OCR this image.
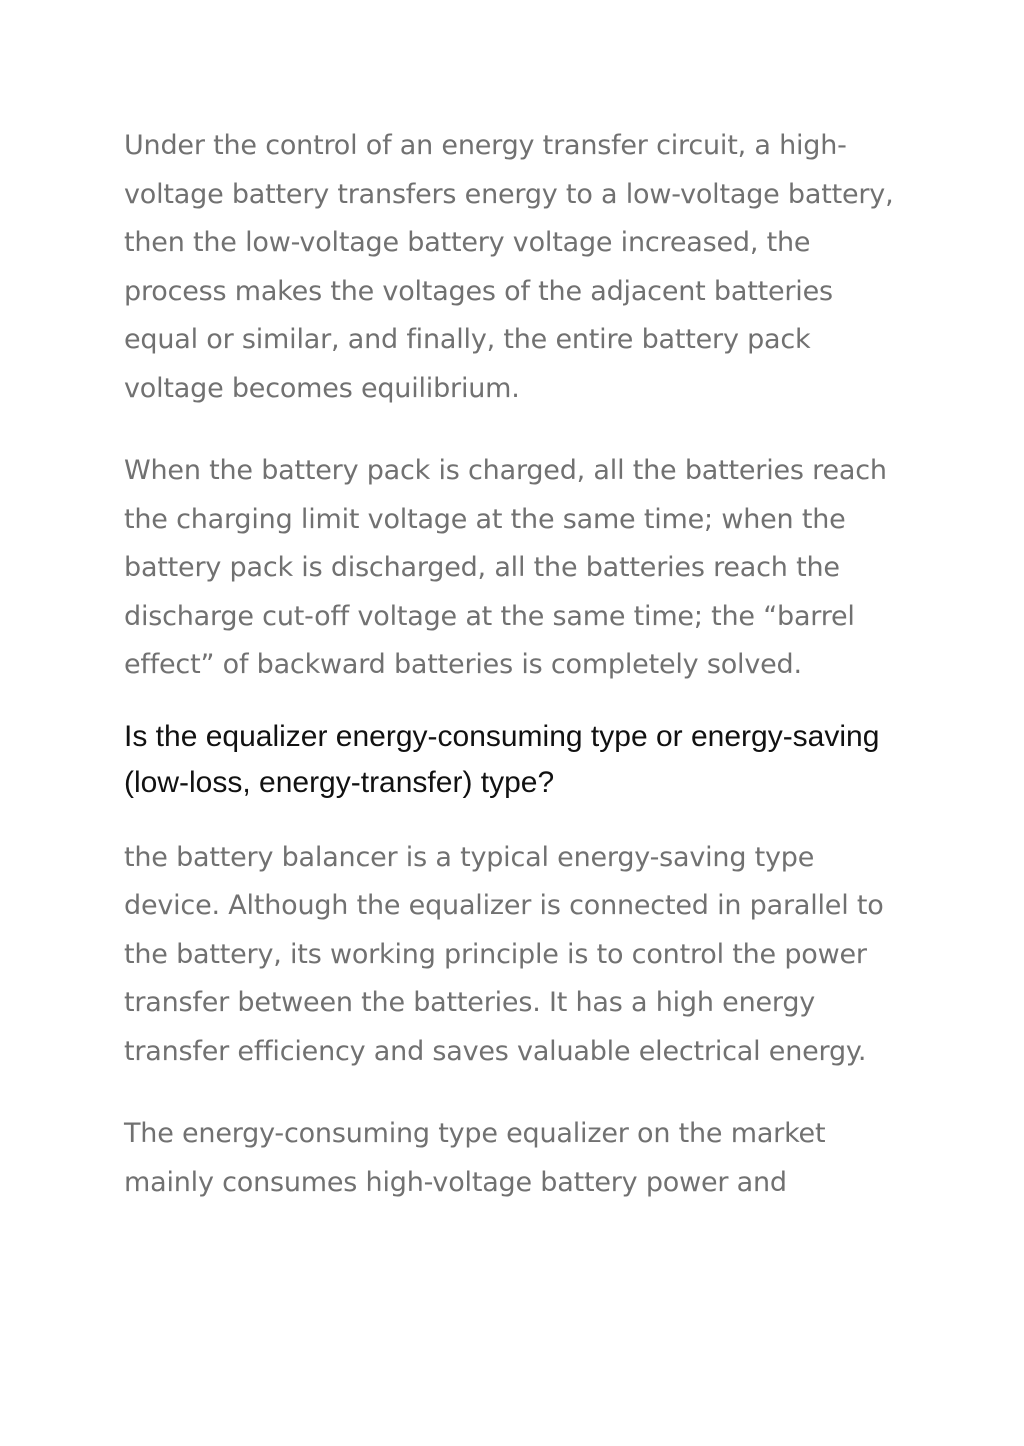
Under the control of an energy transfer circuit, a high-voltage battery transfers energy to a low-voltage battery, then the low-voltage battery voltage increased, the process makes the voltages of the adjacent batteries equal or similar, and finally, the entire battery pack voltage becomes equilibrium.

When the battery pack is charged, all the batteries reach the charging limit voltage at the same time; when the battery pack is discharged, all the batteries reach the discharge cut-off voltage at the same time; the “barrel effect” of backward batteries is completely solved.

Is the equalizer energy-consuming type or energy-saving (low-loss, energy-transfer) type?

the battery balancer is a typical energy-saving type device. Although the equalizer is connected in parallel to the battery, its working principle is to control the power transfer between the batteries. It has a high energy transfer efficiency and saves valuable electrical energy.

The energy-consuming type equalizer on the market mainly consumes high-voltage battery power and
